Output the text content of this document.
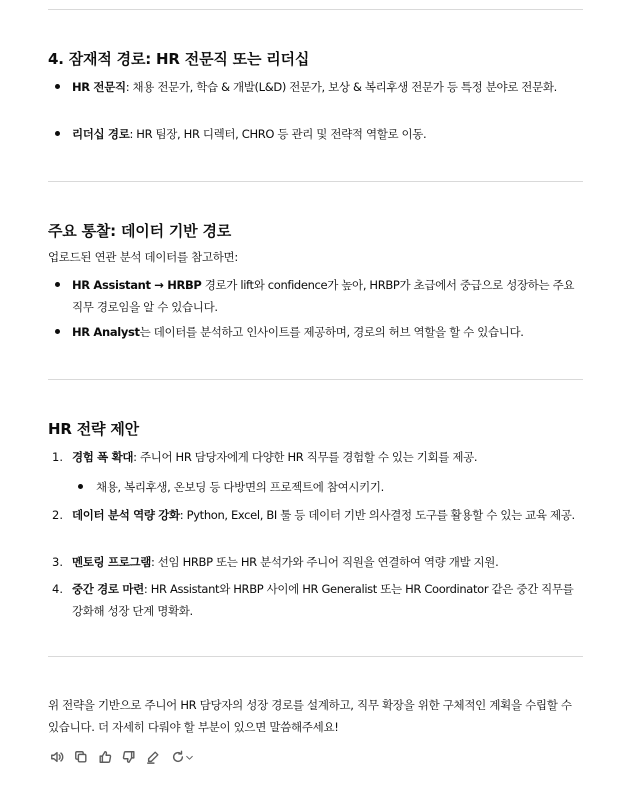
4. 잠재적 경로: HR 전문직 또는 리더십
HR 전문직: 채용 전문가, 학습 & 개발(L&D) 전문가, 보상 & 복리후생 전문가 등 특정 분야로 전문화.
리더십 경로: HR 팀장, HR 디렉터, CHRO 등 관리 및 전략적 역할로 이동.
주요 통찰: 데이터 기반 경로
업로드된 연관 분석 데이터를 참고하면:
HR Assistant → HRBP 경로가 lift와 confidence가 높아, HRBP가 초급에서 중급으로 성장하는 주요 직무 경로임을 알 수 있습니다.
HR Analyst는 데이터를 분석하고 인사이트를 제공하며, 경로의 허브 역할을 할 수 있습니다.
HR 전략 제안
1. 경험 폭 확대: 주니어 HR 담당자에게 다양한 HR 직무를 경험할 수 있는 기회를 제공.
채용, 복리후생, 온보딩 등 다방면의 프로젝트에 참여시키기.
2. 데이터 분석 역량 강화: Python, Excel, BI 툴 등 데이터 기반 의사결정 도구를 활용할 수 있는 교육 제공.
3. 멘토링 프로그램: 선임 HRBP 또는 HR 분석가와 주니어 직원을 연결하여 역량 개발 지원.
4. 중간 경로 마련: HR Assistant와 HRBP 사이에 HR Generalist 또는 HR Coordinator 같은 중간 직무를 강화해 성장 단계 명확화.
위 전략을 기반으로 주니어 HR 담당자의 성장 경로를 설계하고, 직무 확장을 위한 구체적인 계획을 수립할 수 있습니다. 더 자세히 다뤄야 할 부분이 있으면 말씀해주세요!
